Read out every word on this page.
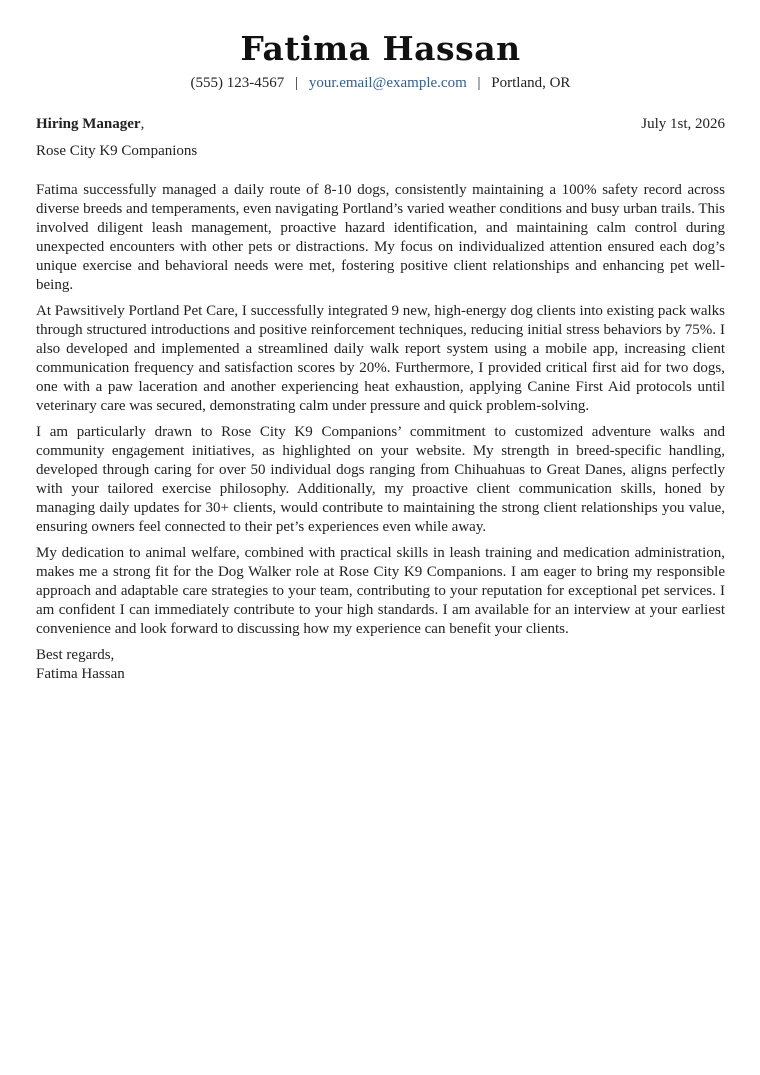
Fatima Hassan
(555) 123-4567 | your.email@example.com | Portland, OR
Hiring Manager,	July 1st, 2026
Rose City K9 Companions

Fatima successfully managed a daily route of 8-10 dogs, consistently maintaining a 100% safety record across diverse breeds and temperaments, even navigating Portland’s varied weather conditions and busy urban trails. This involved diligent leash management, proactive hazard identification, and maintaining calm control during unexpected encounters with other pets or distractions. My focus on individualized attention ensured each dog’s unique exercise and behavioral needs were met, fostering positive client relationships and enhancing pet well-being.

At Pawsitively Portland Pet Care, I successfully integrated 9 new, high-energy dog clients into existing pack walks through structured introductions and positive reinforcement techniques, reducing initial stress behaviors by 75%. I also developed and implemented a streamlined daily walk report system using a mobile app, increasing client communication frequency and satisfaction scores by 20%. Furthermore, I provided critical first aid for two dogs, one with a paw laceration and another experiencing heat exhaustion, applying Canine First Aid protocols until veterinary care was secured, demonstrating calm under pressure and quick problem-solving.

I am particularly drawn to Rose City K9 Companions’ commitment to customized adventure walks and community engagement initiatives, as highlighted on your website. My strength in breed-specific handling, developed through caring for over 50 individual dogs ranging from Chihuahuas to Great Danes, aligns perfectly with your tailored exercise philosophy. Additionally, my proactive client communication skills, honed by managing daily updates for 30+ clients, would contribute to maintaining the strong client relationships you value, ensuring owners feel connected to their pet’s experiences even while away.

My dedication to animal welfare, combined with practical skills in leash training and medication administration, makes me a strong fit for the Dog Walker role at Rose City K9 Companions. I am eager to bring my responsible approach and adaptable care strategies to your team, contributing to your reputation for exceptional pet services. I am confident I can immediately contribute to your high standards. I am available for an interview at your earliest convenience and look forward to discussing how my experience can benefit your clients.

Best regards,
Fatima Hassan
